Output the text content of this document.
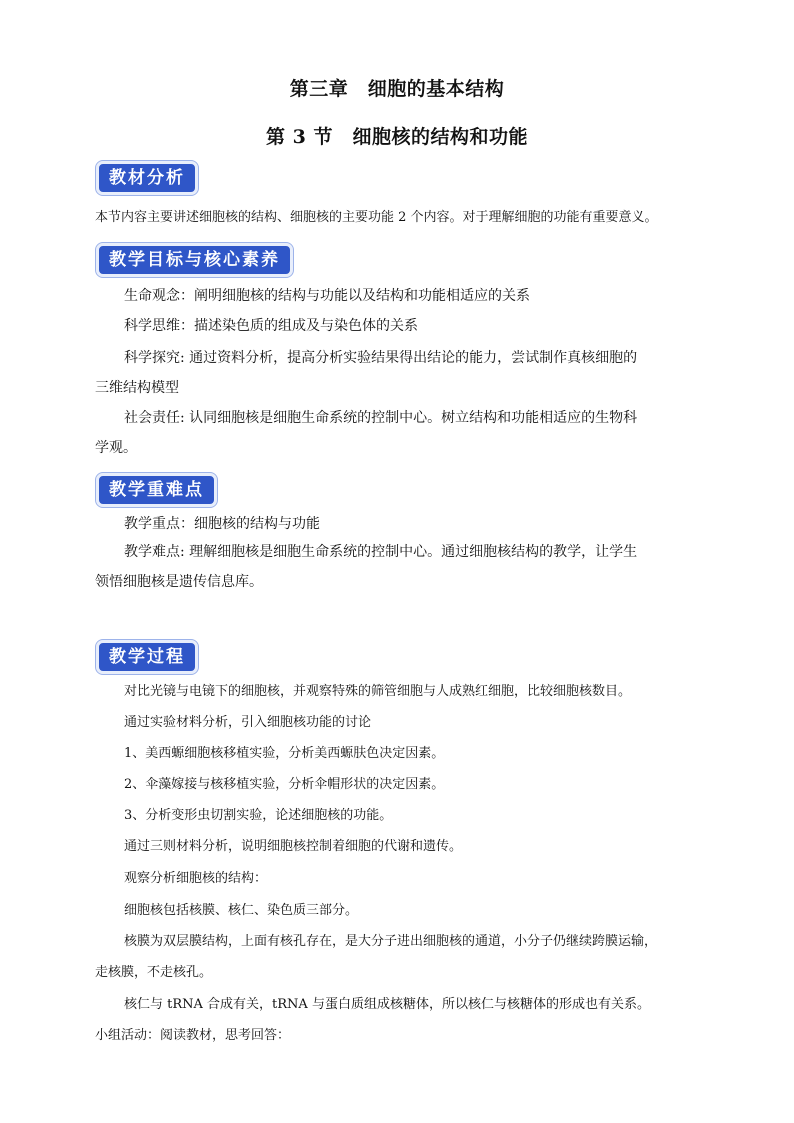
第三章　细胞的基本结构
第 3 节　细胞核的结构和功能
教材分析
本节内容主要讲述细胞核的结构、细胞核的主要功能 2 个内容。对于理解细胞的功能有重要意义。
教学目标与核心素养
生命观念：阐明细胞核的结构与功能以及结构和功能相适应的关系
科学思维：描述染色质的组成及与染色体的关系
科学探究: 通过资料分析，提高分析实验结果得出结论的能力，尝试制作真核细胞的
三维结构模型
社会责任: 认同细胞核是细胞生命系统的控制中心。树立结构和功能相适应的生物科
学观。
教学重难点
教学重点：细胞核的结构与功能
教学难点: 理解细胞核是细胞生命系统的控制中心。通过细胞核结构的教学，让学生
领悟细胞核是遗传信息库。
教学过程
对比光镜与电镜下的细胞核，并观察特殊的筛管细胞与人成熟红细胞，比较细胞核数目。
通过实验材料分析，引入细胞核功能的讨论
1、美西螈细胞核移植实验，分析美西螈肤色决定因素。
2、伞藻嫁接与核移植实验，分析伞帽形状的决定因素。
3、分析变形虫切割实验，论述细胞核的功能。
通过三则材料分析，说明细胞核控制着细胞的代谢和遗传。
观察分析细胞核的结构：
细胞核包括核膜、核仁、染色质三部分。
核膜为双层膜结构，上面有核孔存在，是大分子进出细胞核的通道，小分子仍继续跨膜运输，
走核膜，不走核孔。
核仁与 tRNA 合成有关，tRNA 与蛋白质组成核糖体，所以核仁与核糖体的形成也有关系。
小组活动：阅读教材，思考回答：
